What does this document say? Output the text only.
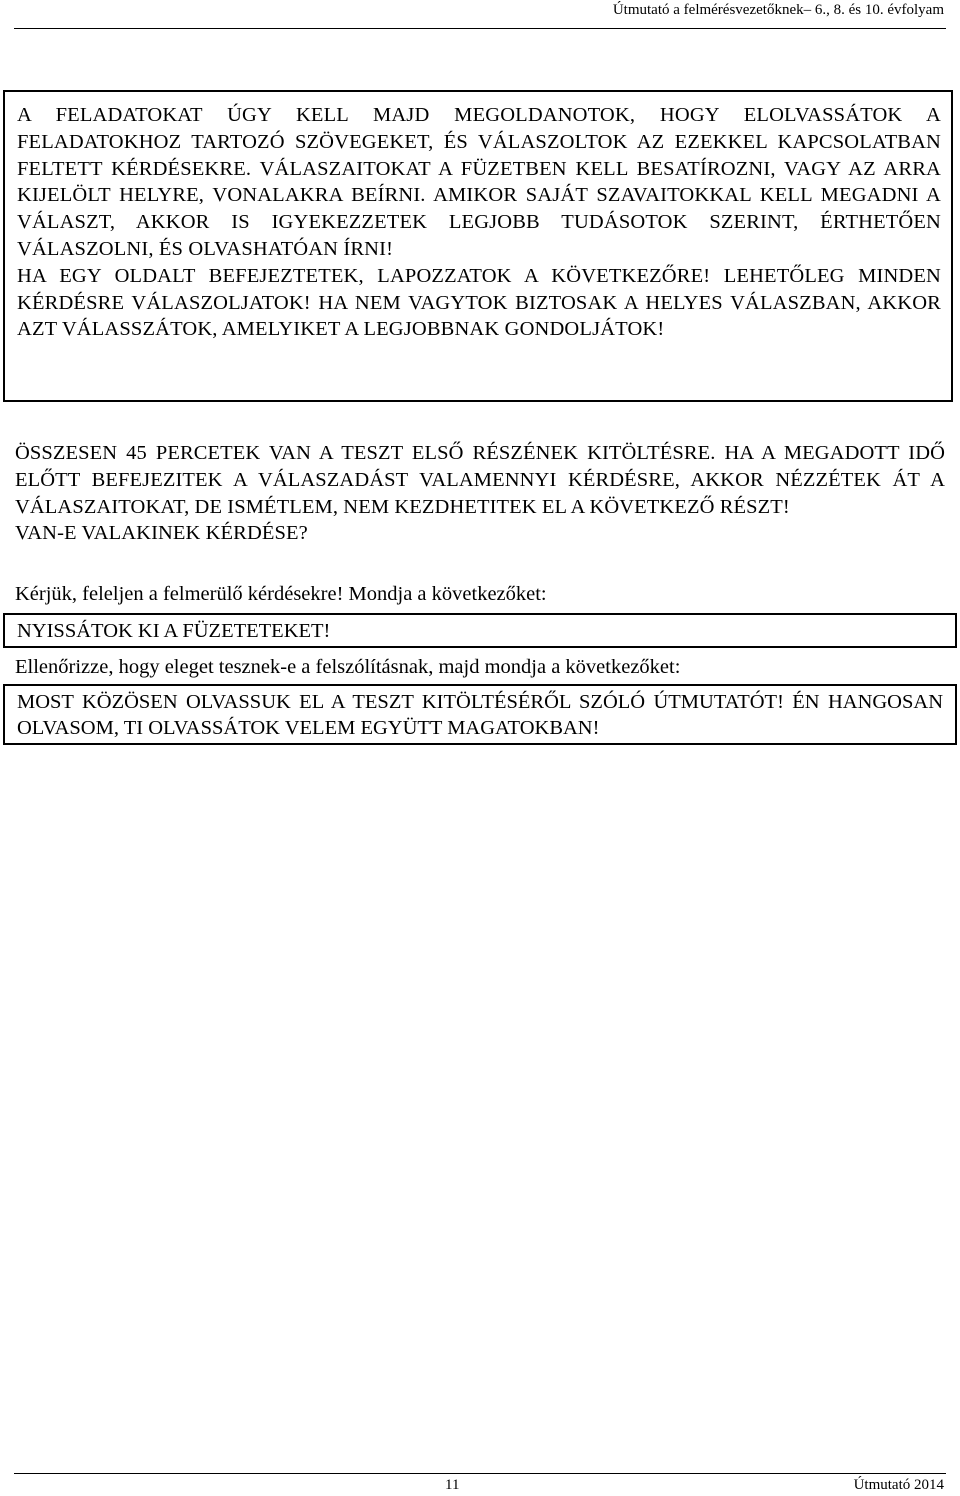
Útmutató a felmérésvezetőknek– 6., 8. és 10. évfolyam

A FELADATOKAT ÚGY KELL MAJD MEGOLDANOTOK, HOGY ELOLVASSÁTOK A FELADATOKHOZ TARTOZÓ SZÖVEGEKET, ÉS VÁLASZOLTOK AZ EZEKKEL KAPCSOLATBAN FELTETT KÉRDÉSEKRE. VÁLASZAITOKAT A FÜZETBEN KELL BESATÍROZNI, VAGY AZ ARRA KIJELÖLT HELYRE, VONALAKRA BEÍRNI. AMIKOR SAJÁT SZAVAITOKKAL KELL MEGADNI A VÁLASZT, AKKOR IS IGYEKEZZETEK LEGJOBB TUDÁSOTOK SZERINT, ÉRTHETŐEN VÁLASZOLNI, ÉS OLVASHATÓAN ÍRNI!

HA EGY OLDALT BEFEJEZTETEK, LAPOZZATOK A KÖVETKEZŐRE! LEHETŐLEG MINDEN KÉRDÉSRE VÁLASZOLJATOK! HA NEM VAGYTOK BIZTOSAK A HELYES VÁLASZBAN, AKKOR AZT VÁLASSZÁTOK, AMELYIKET A LEGJOBBNAK GONDOLJÁTOK!

ÖSSZESEN 45 PERCETEK VAN A TESZT ELSŐ RÉSZÉNEK KITÖLTÉSRE. HA A MEGADOTT IDŐ ELŐTT BEFEJEZITEK A VÁLASZADÁST VALAMENNYI KÉRDÉSRE, AKKOR NÉZZÉTEK ÁT A VÁLASZAITOKAT, DE ISMÉTLEM, NEM KEZDHETITEK EL A KÖVETKEZŐ RÉSZT!

VAN-E VALAKINEK KÉRDÉSE?

Kérjük, feleljen a felmerülő kérdésekre! Mondja a következőket:

NYISSÁTOK KI A FÜZETETEKET!

Ellenőrizze, hogy eleget tesznek-e a felszólításnak, majd mondja a következőket:

MOST KÖZÖSEN OLVASSUK EL A TESZT KITÖLTÉSÉRŐL SZÓLÓ ÚTMUTATÓT! ÉN HANGOSAN OLVASOM, TI OLVASSÁTOK VELEM EGYÜTT MAGATOKBAN!
11	Útmutató 2014
